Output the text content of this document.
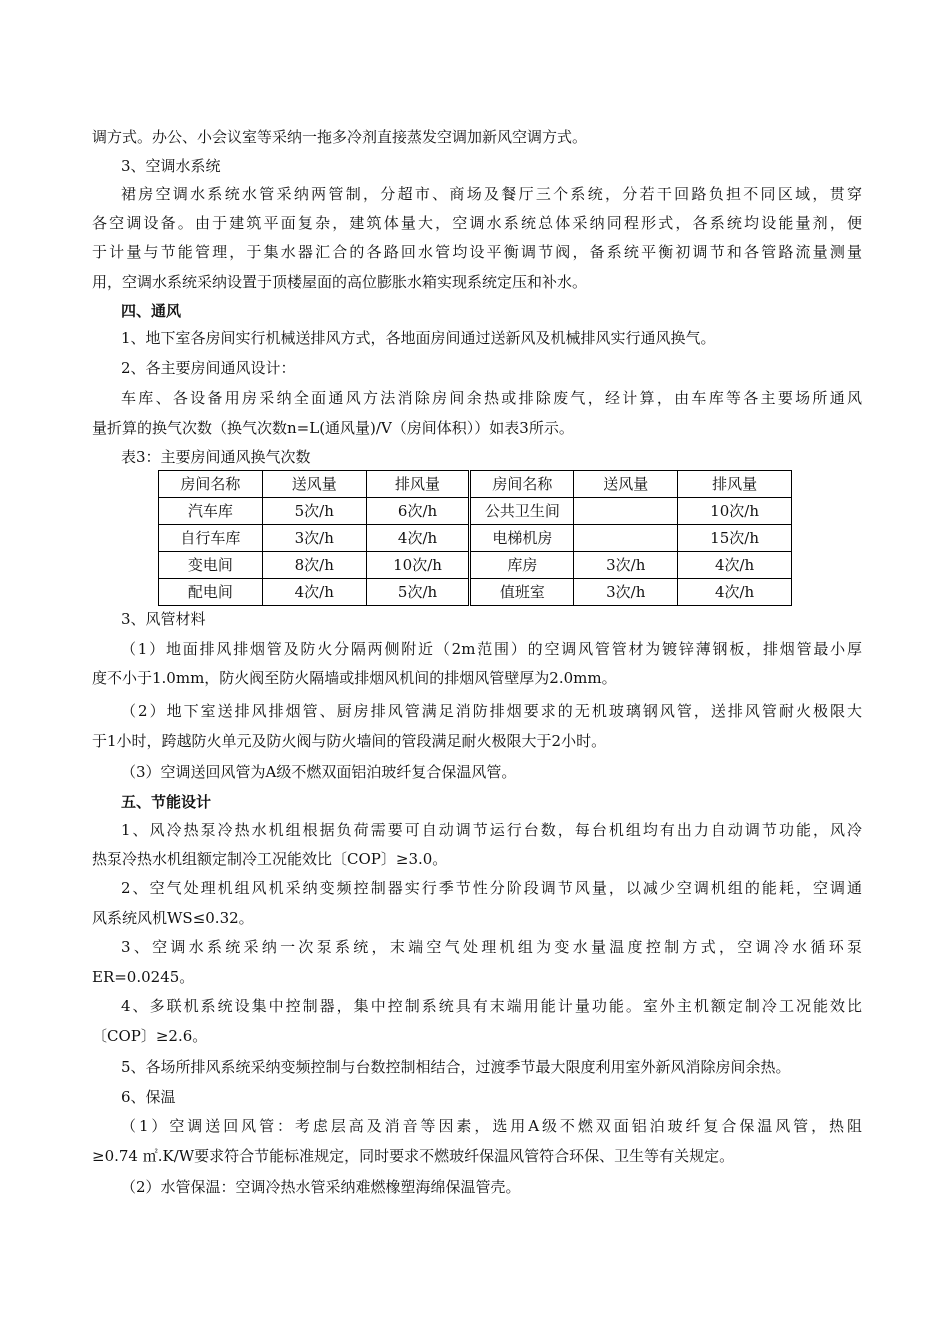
调方式。办公、小会议室等采纳一拖多冷剂直接蒸发空调加新风空调方式。
3、空调水系统
裙房空调水系统水管采纳两管制，分超市、商场及餐厅三个系统，分若干回路负担不同区域，贯穿
各空调设备。由于建筑平面复杂，建筑体量大，空调水系统总体采纳同程形式，各系统均设能量剂，便
于计量与节能管理，于集水器汇合的各路回水管均设平衡调节阀，备系统平衡初调节和各管路流量测量
用，空调水系统采纳设置于顶楼屋面的高位膨胀水箱实现系统定压和补水。
四、通风
1、地下室各房间实行机械送排风方式，各地面房间通过送新风及机械排风实行通风换气。
2、各主要房间通风设计：
车库、各设备用房采纳全面通风方法消除房间余热或排除废气，经计算，由车库等各主要场所通风
量折算的换气次数（换气次数n=L(通风量)/V（房间体积））如表3所示。
表3：主要房间通风换气次数
房间名称	送风量	排风量	房间名称	送风量	排风量
汽车库	5次/h	6次/h	公共卫生间		10次/h
自行车库	3次/h	4次/h	电梯机房		15次/h
变电间	8次/h	10次/h	库房	3次/h	4次/h
配电间	4次/h	5次/h	值班室	3次/h	4次/h
3、风管材料
（1）地面排风排烟管及防火分隔两侧附近（2m范围）的空调风管管材为镀锌薄钢板，排烟管最小厚
度不小于1.0mm，防火阀至防火隔墙或排烟风机间的排烟风管壁厚为2.0mm。
（2）地下室送排风排烟管、厨房排风管满足消防排烟要求的无机玻璃钢风管，送排风管耐火极限大
于1小时，跨越防火单元及防火阀与防火墙间的管段满足耐火极限大于2小时。
（3）空调送回风管为A级不燃双面铝泊玻纤复合保温风管。
五、节能设计
1、风冷热泵冷热水机组根据负荷需要可自动调节运行台数，每台机组均有出力自动调节功能，风冷
热泵冷热水机组额定制冷工况能效比〔COP〕≥3.0。
2、空气处理机组风机采纳变频控制器实行季节性分阶段调节风量，以减少空调机组的能耗，空调通
风系统风机WS≤0.32。
3、空调水系统采纳一次泵系统，末端空气处理机组为变水量温度控制方式，空调冷水循环泵
ER=0.0245。
4、多联机系统设集中控制器，集中控制系统具有末端用能计量功能。室外主机额定制冷工况能效比
〔COP〕≥2.6。
5、各场所排风系统采纳变频控制与台数控制相结合，过渡季节最大限度利用室外新风消除房间余热。
6、保温
（1）空调送回风管：考虑层高及消音等因素，选用A级不燃双面铝泊玻纤复合保温风管，热阻
≥0.74 ㎡.K/W要求符合节能标准规定，同时要求不燃玻纤保温风管符合环保、卫生等有关规定。
（2）水管保温：空调冷热水管采纳难燃橡塑海绵保温管壳。
